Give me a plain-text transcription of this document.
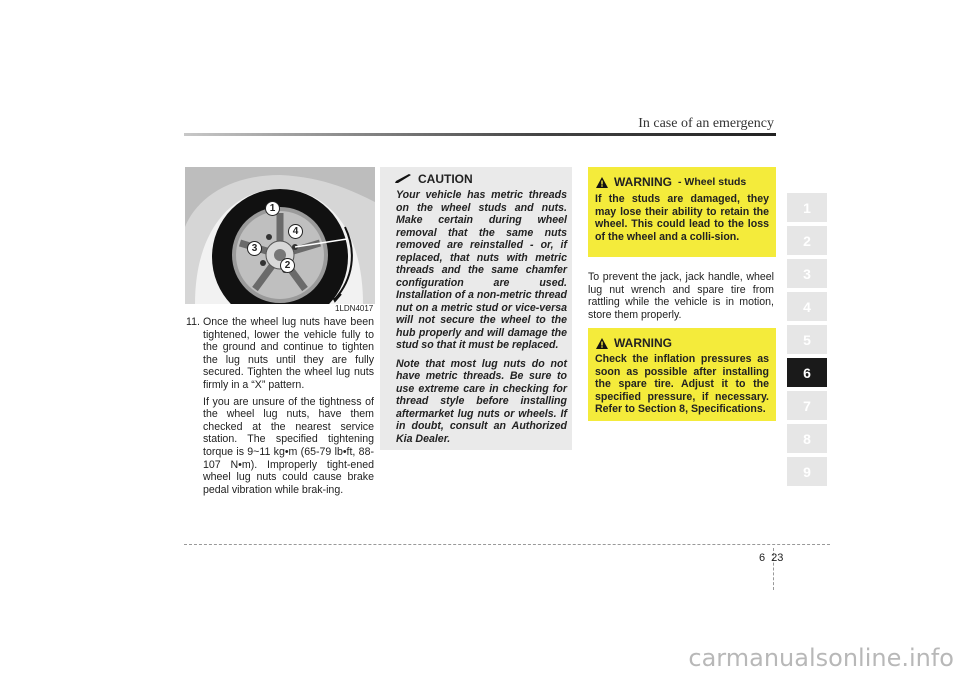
In case of an emergency
1
2
3
4
1LDN4017
11. Once the wheel lug nuts have been tightened, lower the vehicle fully to the ground and continue to tighten the lug nuts until they are fully secured. Tighten the wheel lug nuts firmly in a “X” pattern.

If you are unsure of the tightness of the wheel lug nuts, have them checked at the nearest service station. The specified tightening torque is 9~11 kg•m (65-79 lb•ft, 88-107 N•m). Improperly tight-ened wheel lug nuts could cause brake pedal vibration while brak-ing.

CAUTION

Your vehicle has metric threads on the wheel studs and nuts. Make certain during wheel removal that the same nuts removed are reinstalled - or, if replaced, that nuts with metric threads and the same chamfer configuration are used. Installation of a non-metric thread nut on a metric stud or vice-versa will not secure the wheel to the hub properly and will damage the stud so that it must be replaced.

Note that most lug nuts do not have metric threads. Be sure to use extreme care in checking for thread style before installing aftermarket lug nuts or wheels. If in doubt, consult an Authorized Kia Dealer.

WARNING - Wheel studs
If the studs are damaged, they may lose their ability to retain the wheel. This could lead to the loss of the wheel and a colli-sion.

To prevent the jack, jack handle, wheel lug nut wrench and spare tire from rattling while the vehicle is in motion, store them properly.

WARNING
Check the inflation pressures as soon as possible after installing the spare tire. Adjust it to the specified pressure, if necessary. Refer to Section 8, Specifications.
1
2
3
4
5
6
7
8
9
6 23
carmanualsonline.info
